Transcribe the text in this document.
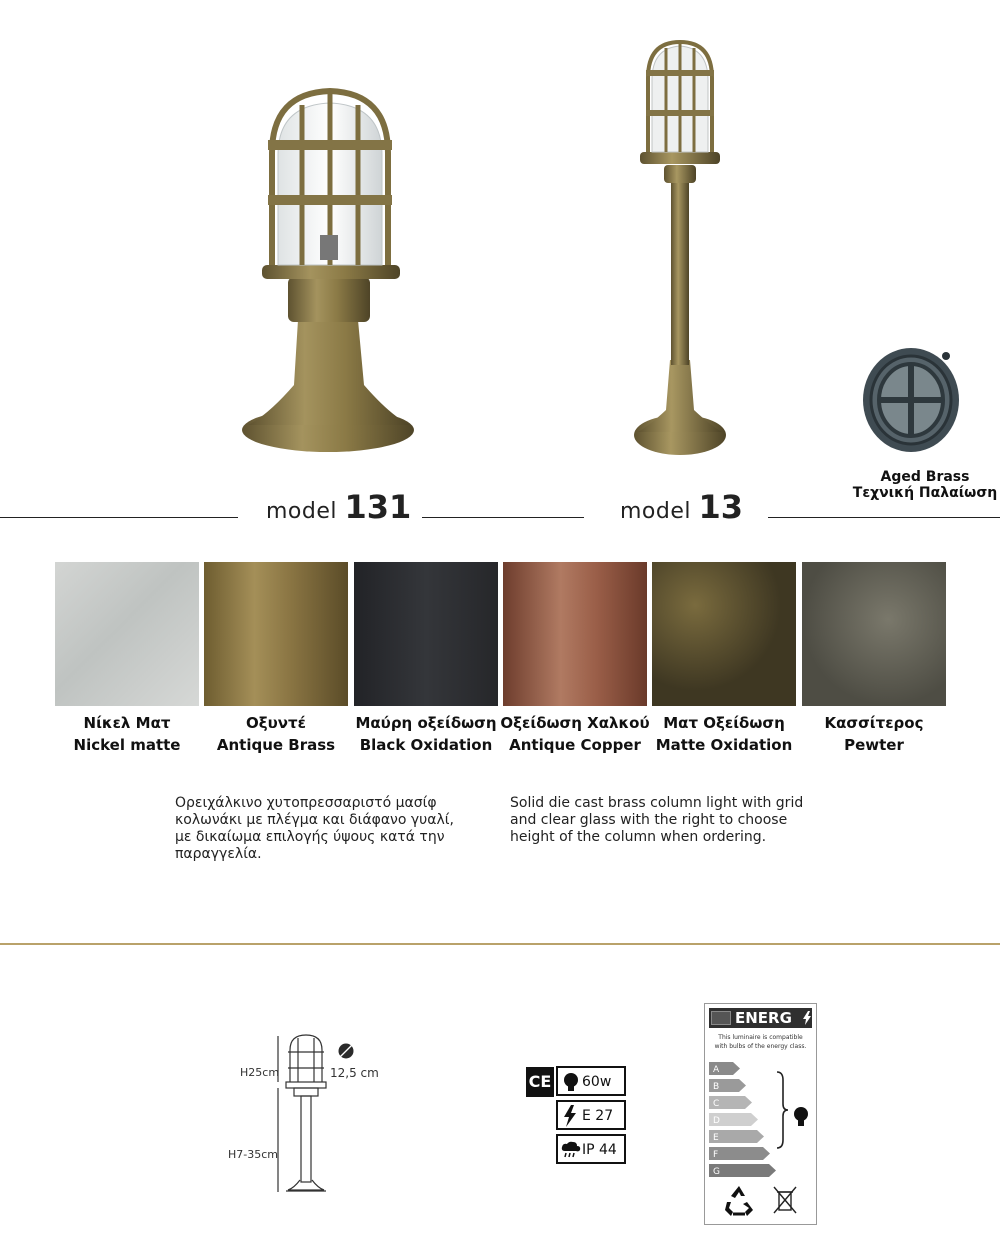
Aged Brass
Τεχνική Παλαίωση
model 131	model 13
Νίκελ Ματ
Nickel matte
Οξυντέ
Antique Brass
Μαύρη οξείδωση
Black Oxidation
Οξείδωση Χαλκού
Antique Copper
Ματ Οξείδωση
Matte Oxidation
Κασσίτερος
Pewter
Ορειχάλκινο χυτοπρεσσαριστό μασίφ
κολωνάκι με πλέγμα και διάφανο γυαλί,
με δικαίωμα επιλογής ύψους κατά την
παραγγελία.
Solid die cast brass column light with grid
and clear glass with the right to choose
height of the column when ordering.
H25cm
H7-35cm
12,5 cm	CE 60w
E 27
IP 44
ENERG
This luminaire is compatible
with bulbs of the energy class.
A
B
C
D
E
F
G
